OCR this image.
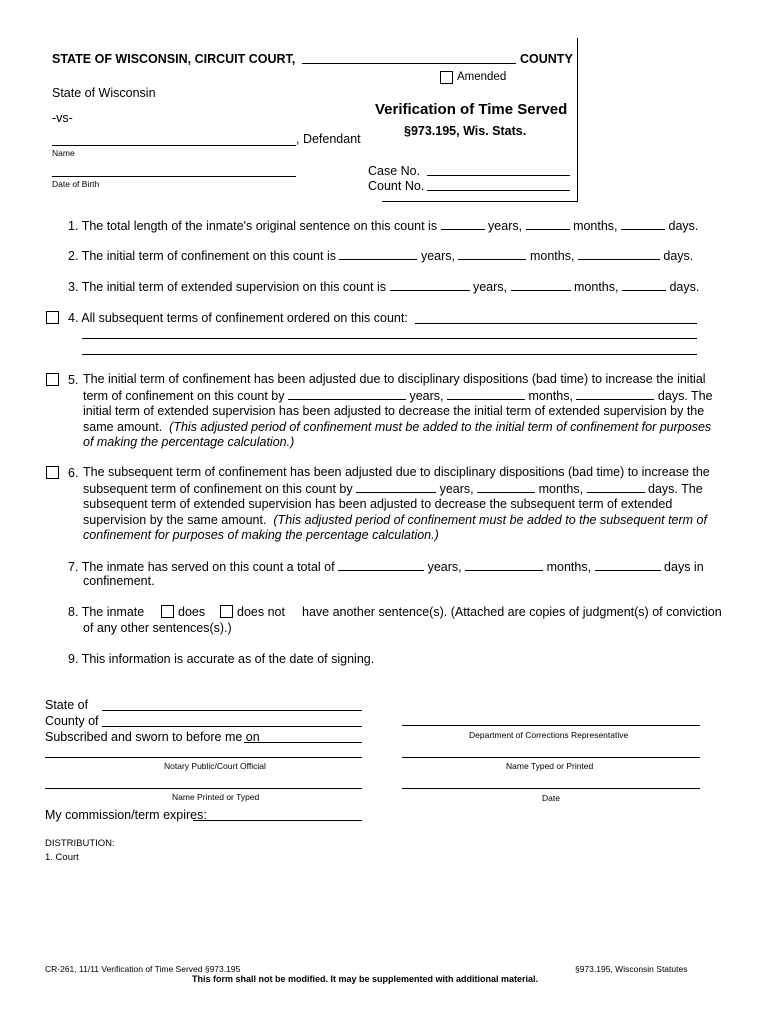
STATE OF WISCONSIN, CIRCUIT COURT,	COUNTY
Amended
State of Wisconsin
-vs-
, Defendant
Name
Date of Birth
Verification of Time Served
§973.195, Wis. Stats.
Case No.
Count No.
1. The total length of the inmate's original sentence on this count is	years,	months,	days.
2. The initial term of confinement on this count is	years,	months,	days.
3. The initial term of extended supervision on this count is	years,	months,	days.
4. All subsequent terms of confinement ordered on this count:
5. The initial term of confinement has been adjusted due to disciplinary dispositions (bad time) to increase the initial
term of confinement on this count by	years,	months,	days. The
initial term of extended supervision has been adjusted to decrease the initial term of extended supervision by the
same amount. (This adjusted period of confinement must be added to the initial term of confinement for purposes
of making the percentage calculation.)
6. The subsequent term of confinement has been adjusted due to disciplinary dispositions (bad time) to increase the
subsequent term of confinement on this count by	years,	months,	days. The
subsequent term of extended supervision has been adjusted to decrease the subsequent term of extended
supervision by the same amount. (This adjusted period of confinement must be added to the subsequent term of
confinement for purposes of making the percentage calculation.)
7. The inmate has served on this count a total of	years,	months,	days in
confinement.
8. The inmate	does	does not have another sentence(s). (Attached are copies of judgment(s) of conviction
of any other sentences(s).)
9. This information is accurate as of the date of signing.
State of
County of
Subscribed and sworn to before me on
Notary Public/Court Official
Name Printed or Typed
My commission/term expires:
Department of Corrections Representative
Name Typed or Printed
Date
DISTRIBUTION:
1. Court
CR-261, 11/11 Verification of Time Served §973.195	§973.195, Wisconsin Statutes
This form shall not be modified. It may be supplemented with additional material.
